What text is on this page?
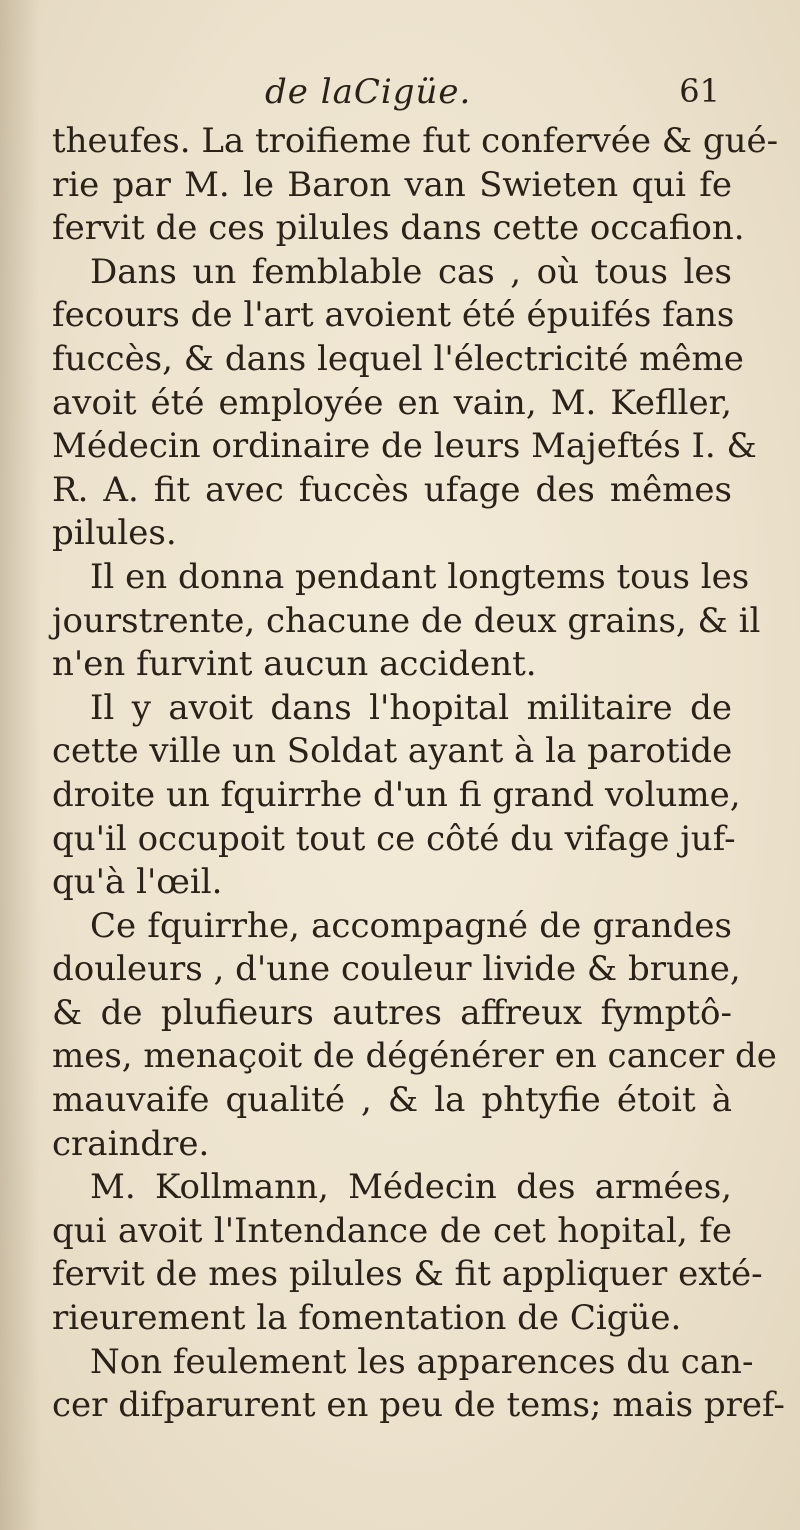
de laCigüe.	61
theufes. La troifieme fut confervée & gué-
rie par M. le Baron van Swieten qui fe
fervit de ces pilules dans cette occafion.
Dans un femblable cas , où tous les
fecours de l'art avoient été épuifés fans
fuccès, & dans lequel l'électricité même
avoit été employée en vain, M. Kefller,
Médecin ordinaire de leurs Majeftés I. &
R. A. fit avec fuccès ufage des mêmes
pilules.
Il en donna pendant longtems tous les
jourstrente, chacune de deux grains, & il
n'en furvint aucun accident.
Il y avoit dans l'hopital militaire de
cette ville un Soldat ayant à la parotide
droite un fquirrhe d'un fi grand volume,
qu'il occupoit tout ce côté du vifage juf-
qu'à l'œil.
Ce fquirrhe, accompagné de grandes
douleurs , d'une couleur livide & brune,
& de plufieurs autres affreux fymptô-
mes, menaçoit de dégénérer en cancer de
mauvaife qualité , & la phtyfie étoit à
craindre.
M. Kollmann, Médecin des armées,
qui avoit l'Intendance de cet hopital, fe
fervit de mes pilules & fit appliquer exté-
rieurement la fomentation de Cigüe.
Non feulement les apparences du can-
cer difparurent en peu de tems; mais pref-
